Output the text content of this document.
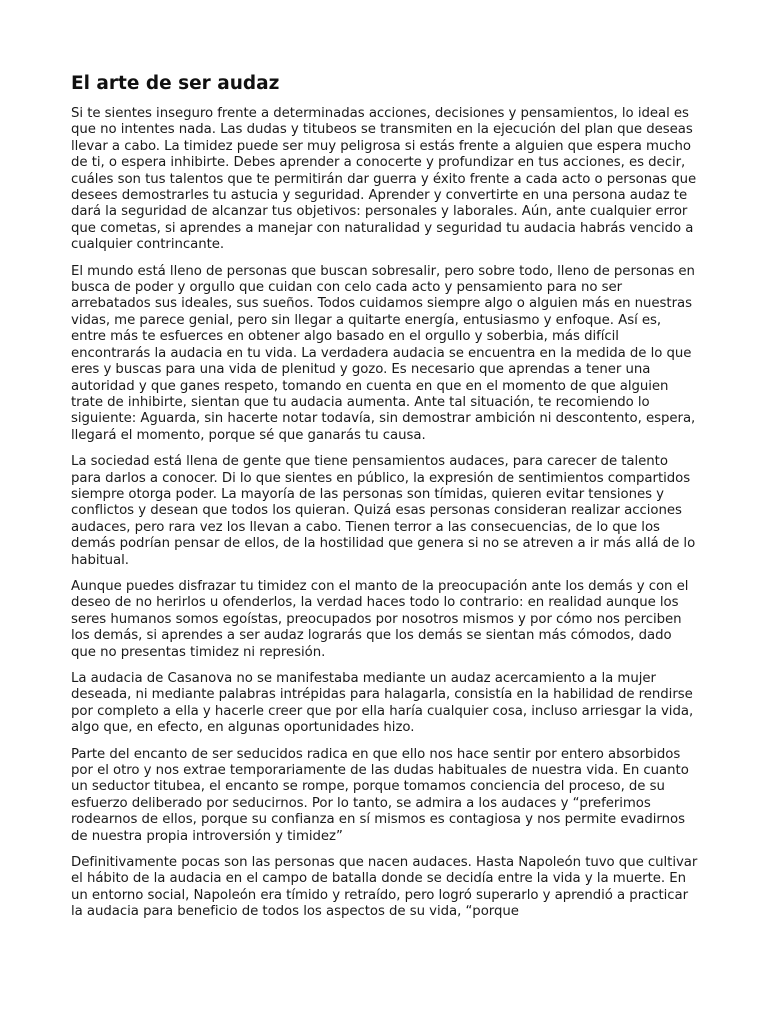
El arte de ser audaz

Si te sientes inseguro frente a determinadas acciones, decisiones y pensamientos, lo ideal es que no intentes nada. Las dudas y titubeos se transmiten en la ejecución del plan que deseas llevar a cabo. La timidez puede ser muy peligrosa si estás frente a alguien que espera mucho de ti, o espera inhibirte. Debes aprender a conocerte y profundizar en tus acciones, es decir, cuáles son tus talentos que te permitirán dar guerra y éxito frente a cada acto o personas que desees demostrarles tu astucia y seguridad. Aprender y convertirte en una persona audaz te dará la seguridad de alcanzar tus objetivos: personales y laborales. Aún, ante cualquier error que cometas, si aprendes a manejar con naturalidad y seguridad tu audacia habrás vencido a cualquier contrincante.

El mundo está lleno de personas que buscan sobresalir, pero sobre todo, lleno de personas en busca de poder y orgullo que cuidan con celo cada acto y pensamiento para no ser arrebatados sus ideales, sus sueños. Todos cuidamos siempre algo o alguien más en nuestras vidas, me parece genial, pero sin llegar a quitarte energía, entusiasmo y enfoque. Así es, entre más te esfuerces en obtener algo basado en el orgullo y soberbia, más difícil encontrarás la audacia en tu vida. La verdadera audacia se encuentra en la medida de lo que eres y buscas para una vida de plenitud y gozo. Es necesario que aprendas a tener una autoridad y que ganes respeto, tomando en cuenta en que en el momento de que alguien trate de inhibirte, sientan que tu audacia aumenta. Ante tal situación, te recomiendo lo siguiente: Aguarda, sin hacerte notar todavía, sin demostrar ambición ni descontento, espera, llegará el momento, porque sé que ganarás tu causa.

La sociedad está llena de gente que tiene pensamientos audaces, para carecer de talento para darlos a conocer. Di lo que sientes en público, la expresión de sentimientos compartidos siempre otorga poder. La mayoría de las personas son tímidas, quieren evitar tensiones y conflictos y desean que todos los quieran. Quizá esas personas consideran realizar acciones audaces, pero rara vez los llevan a cabo. Tienen terror a las consecuencias, de lo que los demás podrían pensar de ellos, de la hostilidad que genera si no se atreven a ir más allá de lo habitual.

Aunque puedes disfrazar tu timidez con el manto de la preocupación ante los demás y con el deseo de no herirlos u ofenderlos, la verdad haces todo lo contrario: en realidad aunque los seres humanos somos egoístas, preocupados por nosotros mismos y por cómo nos perciben los demás, si aprendes a ser audaz lograrás que los demás se sientan más cómodos, dado que no presentas timidez ni represión.

La audacia de Casanova no se manifestaba mediante un audaz acercamiento a la mujer deseada, ni mediante palabras intrépidas para halagarla, consistía en la habilidad de rendirse por completo a ella y hacerle creer que por ella haría cualquier cosa, incluso arriesgar la vida, algo que, en efecto, en algunas oportunidades hizo.

Parte del encanto de ser seducidos radica en que ello nos hace sentir por entero absorbidos por el otro y nos extrae temporariamente de las dudas habituales de nuestra vida. En cuanto un seductor titubea, el encanto se rompe, porque tomamos conciencia del proceso, de su esfuerzo deliberado por seducirnos. Por lo tanto, se admira a los audaces y “preferimos rodearnos de ellos, porque su confianza en sí mismos es contagiosa y nos permite evadirnos de nuestra propia introversión y timidez”

Definitivamente pocas son las personas que nacen audaces. Hasta Napoleón tuvo que cultivar el hábito de la audacia en el campo de batalla donde se decidía entre la vida y la muerte. En un entorno social, Napoleón era tímido y retraído, pero logró superarlo y aprendió a practicar la audacia para beneficio de todos los aspectos de su vida, “porque
